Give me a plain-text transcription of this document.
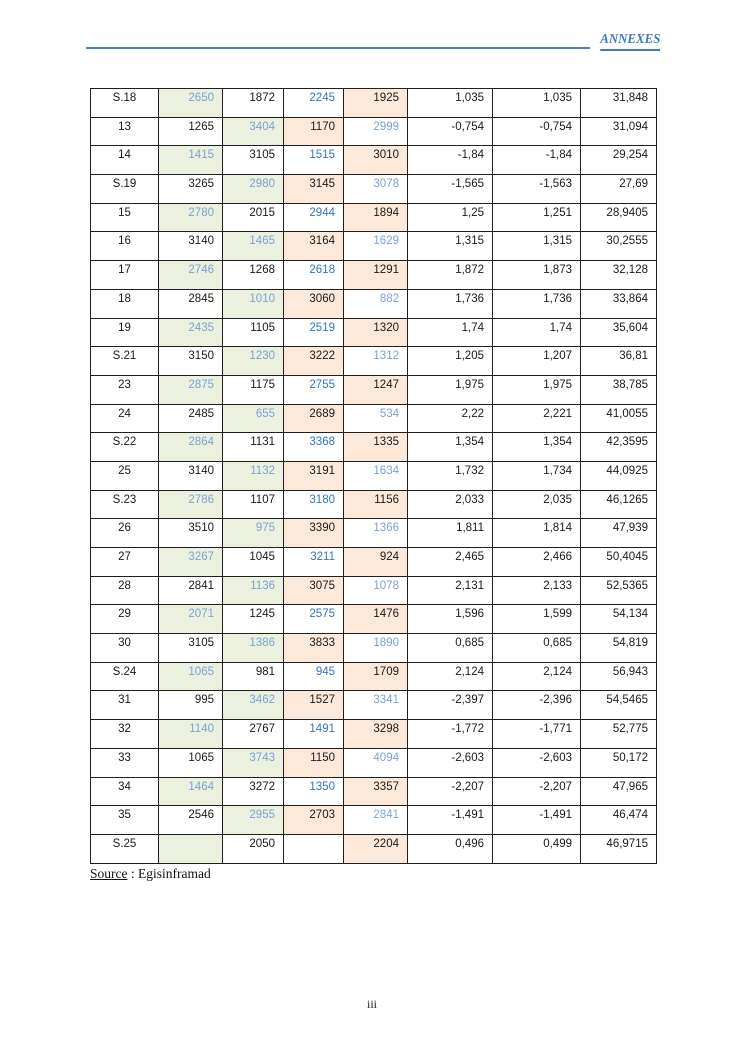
ANNEXES
S.18	2650	1872	2245	1925	1,035	1,035	31,848
13	1265	3404	1170	2999	-0,754	-0,754	31,094
14	1415	3105	1515	3010	-1,84	-1,84	29,254
S.19	3265	2980	3145	3078	-1,565	-1,563	27,69
15	2780	2015	2944	1894	1,25	1,251	28,9405
16	3140	1465	3164	1629	1,315	1,315	30,2555
17	2746	1268	2618	1291	1,872	1,873	32,128
18	2845	1010	3060	882	1,736	1,736	33,864
19	2435	1105	2519	1320	1,74	1,74	35,604
S.21	3150	1230	3222	1312	1,205	1,207	36,81
23	2875	1175	2755	1247	1,975	1,975	38,785
24	2485	655	2689	534	2,22	2,221	41,0055
S.22	2864	1131	3368	1335	1,354	1,354	42,3595
25	3140	1132	3191	1634	1,732	1,734	44,0925
S.23	2786	1107	3180	1156	2,033	2,035	46,1265
26	3510	975	3390	1366	1,811	1,814	47,939
27	3267	1045	3211	924	2,465	2,466	50,4045
28	2841	1136	3075	1078	2,131	2,133	52,5365
29	2071	1245	2575	1476	1,596	1,599	54,134
30	3105	1386	3833	1890	0,685	0,685	54,819
S.24	1065	981	945	1709	2,124	2,124	56,943
31	995	3462	1527	3341	-2,397	-2,396	54,5465
32	1140	2767	1491	3298	-1,772	-1,771	52,775
33	1065	3743	1150	4094	-2,603	-2,603	50,172
34	1464	3272	1350	3357	-2,207	-2,207	47,965
35	2546	2955	2703	2841	-1,491	-1,491	46,474
S.25		2050		2204	0,496	0,499	46,9715
Source : Egisinframad
iii
